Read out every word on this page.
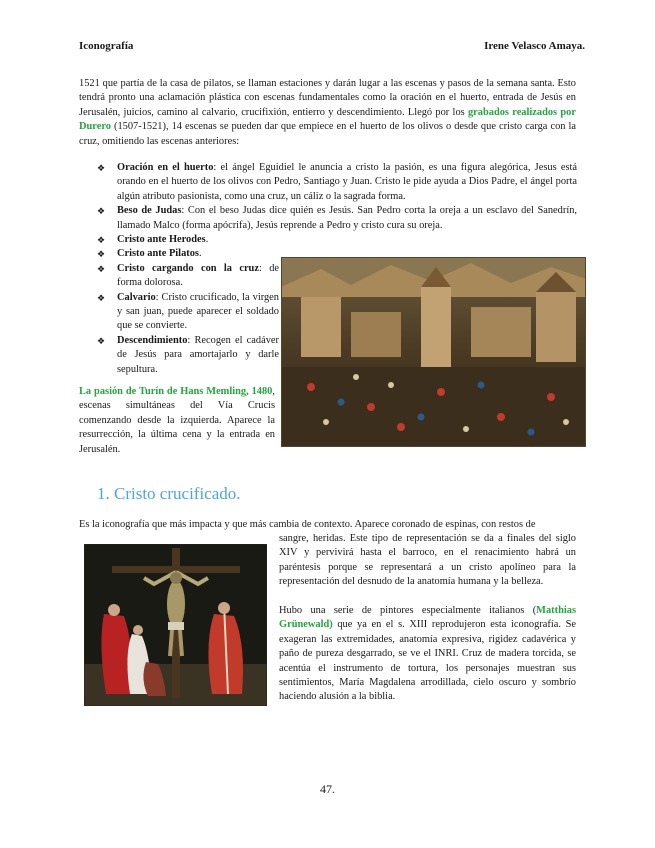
Iconografía	Irene Velasco Amaya.
1521 que partía de la casa de pilatos, se llaman estaciones y darán lugar a las escenas y pasos de la semana santa. Esto tendrá pronto una aclamación plástica con escenas fundamentales como la oración en el huerto, entrada de Jesús en Jerusalén, juicios, camino al calvario, crucifixión, entierro y descendimiento. Llegó por los grabados realizados por Durero (1507-1521), 14 escenas se pueden dar que empiece en el huerto de los olivos o desde que cristo carga con la cruz, omitiendo las escenas anteriores:
❖ Oración en el huerto: el ángel Eguidiel le anuncia a cristo la pasión, es una figura alegórica, Jesus está orando en el huerto de los olivos con Pedro, Santiago y Juan. Cristo le pide ayuda a Dios Padre, el ángel porta algún atributo pasionista, como una cruz, un cáliz o la sagrada forma.
❖ Beso de Judas: Con el beso Judas dice quién es Jesús. San Pedro corta la oreja a un esclavo del Sanedrín, llamado Malco (forma apócrifa), Jesús reprende a Pedro y cristo cura su oreja.
❖ Cristo ante Herodes.
❖ Cristo ante Pilatos.
❖ Cristo cargando con la cruz: de forma dolorosa.
❖ Calvario: Cristo crucificado, la virgen y san juan, puede aparecer el soldado que se convierte.
❖ Descendimiento: Recogen el cadáver de Jesús para amortajarlo y darle sepultura.
La pasión de Turín de Hans Memling, 1480, escenas simultáneas del Vía Crucis comenzando desde la izquierda. Aparece la resurrección, la última cena y la entrada en Jerusalén.
1. Cristo crucificado.
Es la iconografía que más impacta y que más cambia de contexto. Aparece coronado de espinas, con restos de
sangre, heridas. Este tipo de representación se da a finales del siglo XIV y pervivirá hasta el barroco, en el renacimiento habrá un paréntesis porque se representará a un cristo apolíneo para la representación del desnudo de la anatomía humana y la belleza.
Hubo una serie de pintores especialmente italianos (Matthias Grünewald) que ya en el s. XIII reprodujeron esta iconografía. Se exageran las extremidades, anatomía expresiva, rigidez cadavérica y paño de pureza desgarrado, se ve el INRI. Cruz de madera torcida, se acentúa el instrumento de tortura, los personajes muestran sus sentimientos, María Magdalena arrodillada, cielo oscuro y sombrío haciendo alusión a la biblia.
47.
